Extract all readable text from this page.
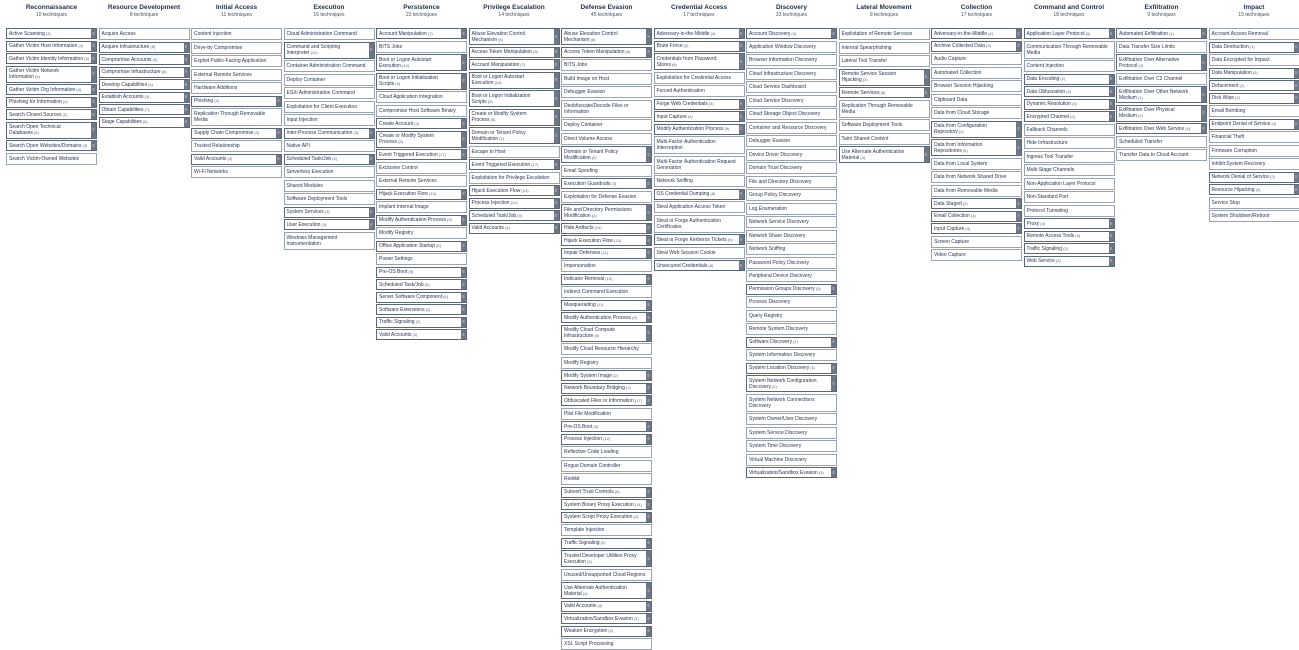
Reconnaissance
10 techniques
Active Scanning(3)	≡
Gather Victim Host Information(4)	≡
Gather Victim Identity Information(3) ≡
Gather Victim Network Information(6)
≡
Gather Victim Org Information(4)	≡
Phishing for Information(4)	≡
Search Closed Sources(2)	≡
Search Open Technical Databases(5)
≡
Search Open Websites/Domains(3)	≡
Search Victim-Owned Websites
Resource Development
8 techniques
Acquire Access
Acquire Infrastructure(8)	≡
Compromise Accounts(3)	≡
Compromise Infrastructure(8)	≡
Develop Capabilities(4)	≡
Establish Accounts(3)	≡
Obtain Capabilities(7)	≡
Stage Capabilities(6)	≡
Initial Access
11 techniques
Content Injection
Drive-by Compromise
Exploit Public-Facing Application
External Remote Services
Hardware Additions
Phishing(4)	≡
Replication Through Removable Media
Supply Chain Compromise(3)	≡
Trusted Relationship
Valid Accounts(4)	≡
Wi-Fi Networks
Execution
16 techniques
Cloud Administration Command
Command and Scripting Interpreter(12)
≡
Container Administration Command
Deploy Container
ESXi Administration Command
Exploitation for Client Execution
Input Injection
Inter-Process Communication(3)	≡
Native API
Scheduled Task/Job(5)	≡
Serverless Execution
Shared Modules
Software Deployment Tools
System Services(3)	≡
User Execution(3)	≡
Windows Management Instrumentation
Persistence
23 techniques
Account Manipulation(7)	≡
BITS Jobs
Boot or Logon Autostart Execution(14)
≡
Boot or Logon Initialization Scripts(5)
≡
Cloud Application Integration
Compromise Host Software Binary
Create Account(3)	≡
Create or Modify System Process(5)
≡
Event Triggered Execution(17)	≡
Exclusive Control
External Remote Services
Hijack Execution Flow(13)	≡
Implant Internal Image
Modify Authentication Process(9)	≡
Modify Registry
Office Application Startup(6)	≡
Power Settings
Pre-OS Boot(5)	≡
Scheduled Task/Job(5)	≡
Server Software Component(6)	≡
Software Extensions(2)	≡
Traffic Signaling(2)	≡
Valid Accounts(4)	≡
Privilege Escalation
14 techniques
Abuse Elevation Control Mechanism(6)
≡
Access Token Manipulation(5)	≡
Account Manipulation(7)	≡
Boot or Logon Autostart Execution(14)
≡
Boot or Logon Initialization Scripts(5)
≡
Create or Modify System Process(5)
≡
Domain or Tenant Policy Modification(2)
≡
Escape to Host
Event Triggered Execution(17)	≡
Exploitation for Privilege Escalation
Hijack Execution Flow(13)	≡
Process Injection(12)	≡
Scheduled Task/Job(5)	≡
Valid Accounts(4)	≡
Defense Evasion
45 techniques
Abuse Elevation Control Mechanism(6)
≡
Access Token Manipulation(5)	≡
BITS Jobs
Build Image on Host
Debugger Evasion
Deobfuscate/Decode Files or Information
Deploy Container
Direct Volume Access
Domain or Tenant Policy Modification(2)
≡
Email Spoofing
Execution Guardrails(3)	≡
Exploitation for Defense Evasion
File and Directory Permissions Modification(2)
≡
Hide Artifacts(14)	≡
Hijack Execution Flow(13)	≡
Impair Defenses(11)	≡
Impersonation
Indicator Removal(10)	≡
Indirect Command Execution
Masquerading(11)	≡
Modify Authentication Process(9)	≡
Modify Cloud Compute Infrastructure(5)
≡
Modify Cloud Resource Hierarchy
Modify Registry
Modify System Image(2)	≡
Network Boundary Bridging(1)	≡
Obfuscated Files or Information(17)	≡
Plist File Modification
Pre-OS Boot(5)	≡
Process Injection(12)	≡
Reflective Code Loading
Rogue Domain Controller
Rootkit
Subvert Trust Controls(6)	≡
System Binary Proxy Execution(14)	≡
System Script Proxy Execution(2)	≡
Template Injection
Traffic Signaling(2)	≡
Trusted Developer Utilities Proxy Execution(3)
≡
Unused/Unsupported Cloud Regions
Use Alternate Authentication Material(4)
≡
Valid Accounts(4)	≡
Virtualization/Sandbox Evasion(3)	≡
Weaken Encryption(2)	≡
XSL Script Processing
Credential Access
17 techniques
Adversary-in-the-Middle(4)	≡
Brute Force(4)	≡
Credentials from Password Stores(6)
≡
Exploitation for Credential Access
Forced Authentication
Forge Web Credentials(3)	≡
Input Capture(4)	≡
Modify Authentication Process(9)	≡
Multi-Factor Authentication Interception
Multi-Factor Authentication Request Generation
Network Sniffing
OS Credential Dumping(8)	≡
Steal Application Access Token
Steal or Forge Authentication Certificates
Steal or Forge Kerberos Tickets(5)	≡
Steal Web Session Cookie
Unsecured Credentials(8)	≡
Discovery
33 techniques
Account Discovery(4)	≡
Application Window Discovery
Browser Information Discovery
Cloud Infrastructure Discovery
Cloud Service Dashboard
Cloud Service Discovery
Cloud Storage Object Discovery
Container and Resource Discovery
Debugger Evasion
Device Driver Discovery
Domain Trust Discovery
File and Directory Discovery
Group Policy Discovery
Log Enumeration
Network Service Discovery
Network Share Discovery
Network Sniffing
Password Policy Discovery
Peripheral Device Discovery
Permission Groups Discovery(3)	≡
Process Discovery
Query Registry
Remote System Discovery
Software Discovery(1)	≡
System Information Discovery
System Location Discovery(1)	≡
System Network Configuration Discovery(2)
≡
System Network Connections Discovery
System Owner/User Discovery
System Service Discovery
System Time Discovery
Virtual Machine Discovery
Virtualization/Sandbox Evasion(3)	≡
Lateral Movement
9 techniques
Exploitation of Remote Services
Internal Spearphishing
Lateral Tool Transfer
Remote Service Session Hijacking(2)
≡
Remote Services(8)	≡
Replication Through Removable Media
Software Deployment Tools
Taint Shared Content
Use Alternate Authentication Material(4)
≡
Collection
17 techniques
Adversary-in-the-Middle(4)	≡
Archive Collected Data(3)	≡
Audio Capture
Automated Collection
Browser Session Hijacking
Clipboard Data
Data from Cloud Storage
Data from Configuration Repository(2)
≡
Data from Information Repositories(5)
≡
Data from Local System
Data from Network Shared Drive
Data from Removable Media
Data Staged(2)	≡
Email Collection(3)	≡
Input Capture(4)	≡
Screen Capture
Video Capture
Command and Control
18 techniques
Application Layer Protocol(5)	≡
Communication Through Removable Media
Content Injection
Data Encoding(2)	≡
Data Obfuscation(3)	≡
Dynamic Resolution(3)	≡
Encrypted Channel(2)	≡
Fallback Channels
Hide Infrastructure
Ingress Tool Transfer
Multi-Stage Channels
Non-Application Layer Protocol
Non-Standard Port
Protocol Tunneling
Proxy(4)	≡
Remote Access Tools(3)	≡
Traffic Signaling(2)	≡
Web Service(3)	≡
Exfiltration
9 techniques
Automated Exfiltration(1)	≡
Data Transfer Size Limits
Exfiltration Over Alternative Protocol(3)
≡
Exfiltration Over C2 Channel
Exfiltration Over Other Network Medium(1)
≡
Exfiltration Over Physical Medium(1)
≡
Exfiltration Over Web Service(4)	≡
Scheduled Transfer
Transfer Data to Cloud Account
Impact
15 techniques
Account Access Removal
Data Destruction(1)	≡
Data Encrypted for Impact
Data Manipulation(3)	≡
Defacement(2)	≡
Disk Wipe(2)	≡
Email Bombing
Endpoint Denial of Service(4)	≡
Financial Theft
Firmware Corruption
Inhibit System Recovery
Network Denial of Service(2)	≡
Resource Hijacking(4)	≡
Service Stop
System Shutdown/Reboot
